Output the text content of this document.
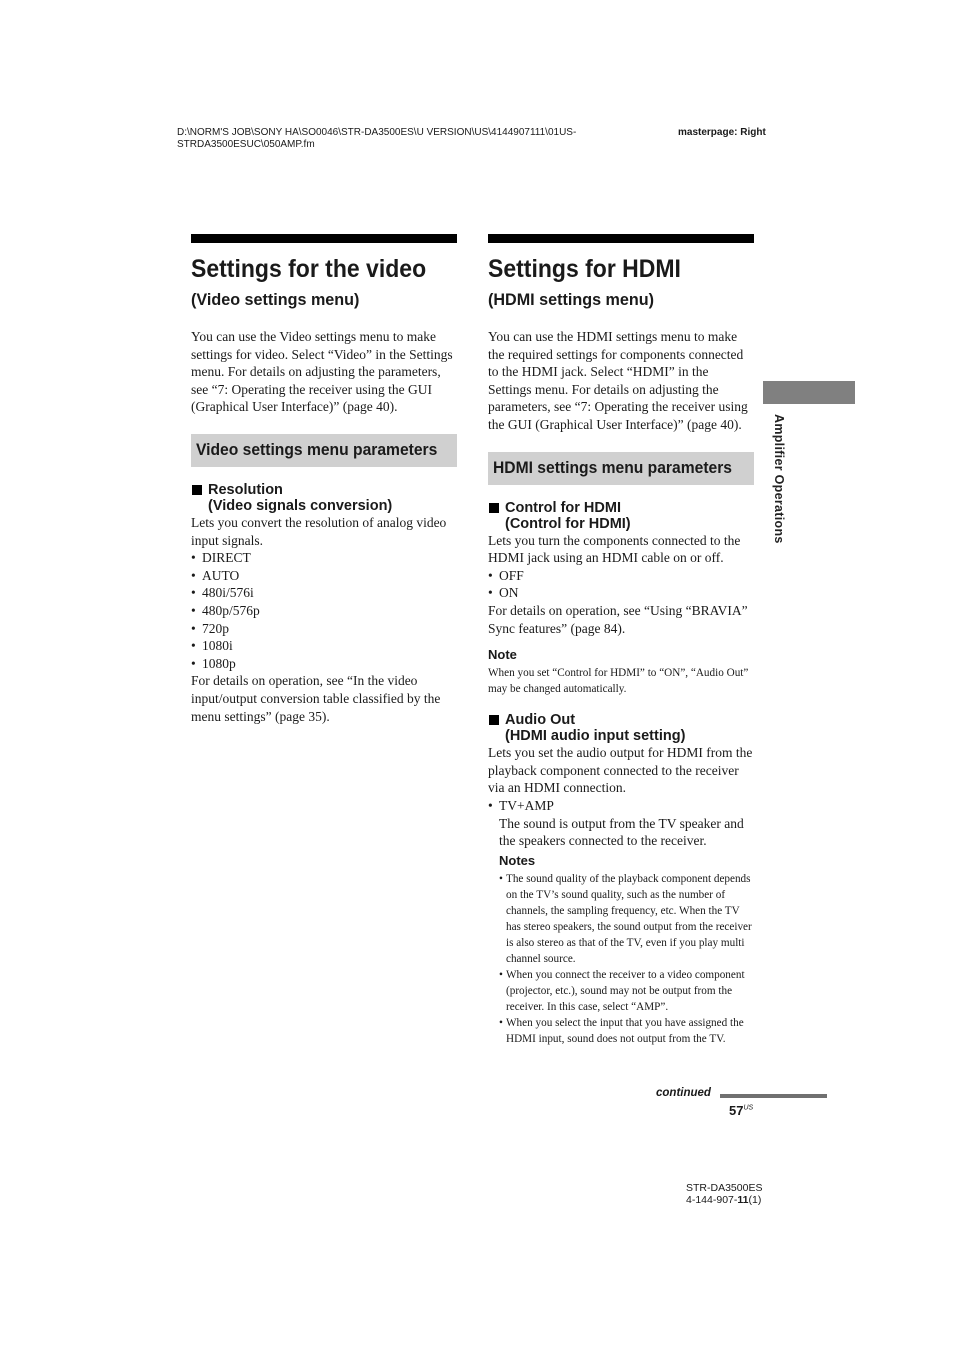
D:\NORM'S JOB\SONY HA\SO0046\STR-DA3500ES\U VERSION\US\4144907111\01US-
STRDA3500ESUC\050AMP.fm
masterpage: Right
Settings for the video
(Video settings menu)

You can use the Video settings menu to make settings for video. Select “Video” in the Settings menu. For details on adjusting the parameters, see “7: Operating the receiver using the GUI (Graphical User Interface)” (page 40).

Video settings menu parameters
Resolution
(Video signals conversion)

Lets you convert the resolution of analog video input signals.

• DIRECT
• AUTO
• 480i/576i
• 480p/576p
• 720p
• 1080i
• 1080p

For details on operation, see “In the video input/output conversion table classified by the menu settings” (page 35).

Settings for HDMI
(HDMI settings menu)

You can use the HDMI settings menu to make the required settings for components connected to the HDMI jack. Select “HDMI” in the Settings menu. For details on adjusting the parameters, see “7: Operating the receiver using the GUI (Graphical User Interface)” (page 40).

HDMI settings menu parameters
Control for HDMI
(Control for HDMI)

Lets you turn the components connected to the HDMI jack using an HDMI cable on or off.

• OFF
• ON

For details on operation, see “Using “BRAVIA” Sync features” (page 84).

Note

When you set “Control for HDMI” to “ON”, “Audio Out” may be changed automatically.

Audio Out
(HDMI audio input setting)

Lets you set the audio output for HDMI from the playback component connected to the receiver via an HDMI connection.

• TV+AMP

The sound is output from the TV speaker and the speakers connected to the receiver.

Notes
• The sound quality of the playback component depends on the TV’s sound quality, such as the number of channels, the sampling frequency, etc. When the TV has stereo speakers, the sound output from the receiver is also stereo as that of the TV, even if you play multi channel source.
• When you connect the receiver to a video component (projector, etc.), sound may not be output from the receiver. In this case, select “AMP”.
• When you select the input that you have assigned the HDMI input, sound does not output from the TV.
Amplifier Operations
continued
$57^{US}$
STR-DA3500ES
4-144-907-11(1)
